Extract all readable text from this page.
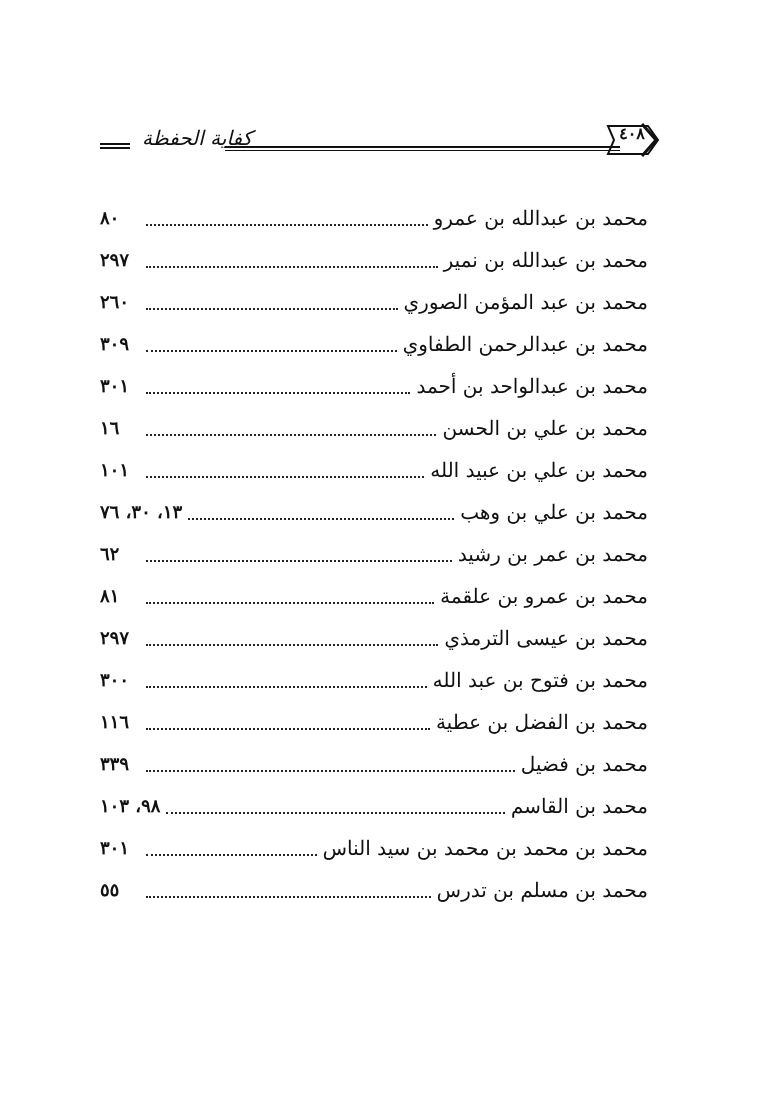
كفاية الحفظة	٤٠٨
محمد بن عبدالله بن عمرو
٨٠
محمد بن عبدالله بن نمير
٢٩٧
محمد بن عبد المؤمن الصوري
٢٦٠
محمد بن عبدالرحمن الطفاوي
٣٠٩
محمد بن عبدالواحد بن أحمد
٣٠١
محمد بن علي بن الحسن
١٦
محمد بن علي بن عبيد الله
١٠١
محمد بن علي بن وهب
١٣، ٣٠، ٧٦
محمد بن عمر بن رشيد
٦٢
محمد بن عمرو بن علقمة
٨١
محمد بن عيسى الترمذي
٢٩٧
محمد بن فتوح بن عبد الله
٣٠٠
محمد بن الفضل بن عطية
١١٦
محمد بن فضيل
٣٣٩
محمد بن القاسم
٩٨، ١٠٣
محمد بن محمد بن محمد بن سيد الناس
٣٠١
محمد بن مسلم بن تدرس
٥٥
